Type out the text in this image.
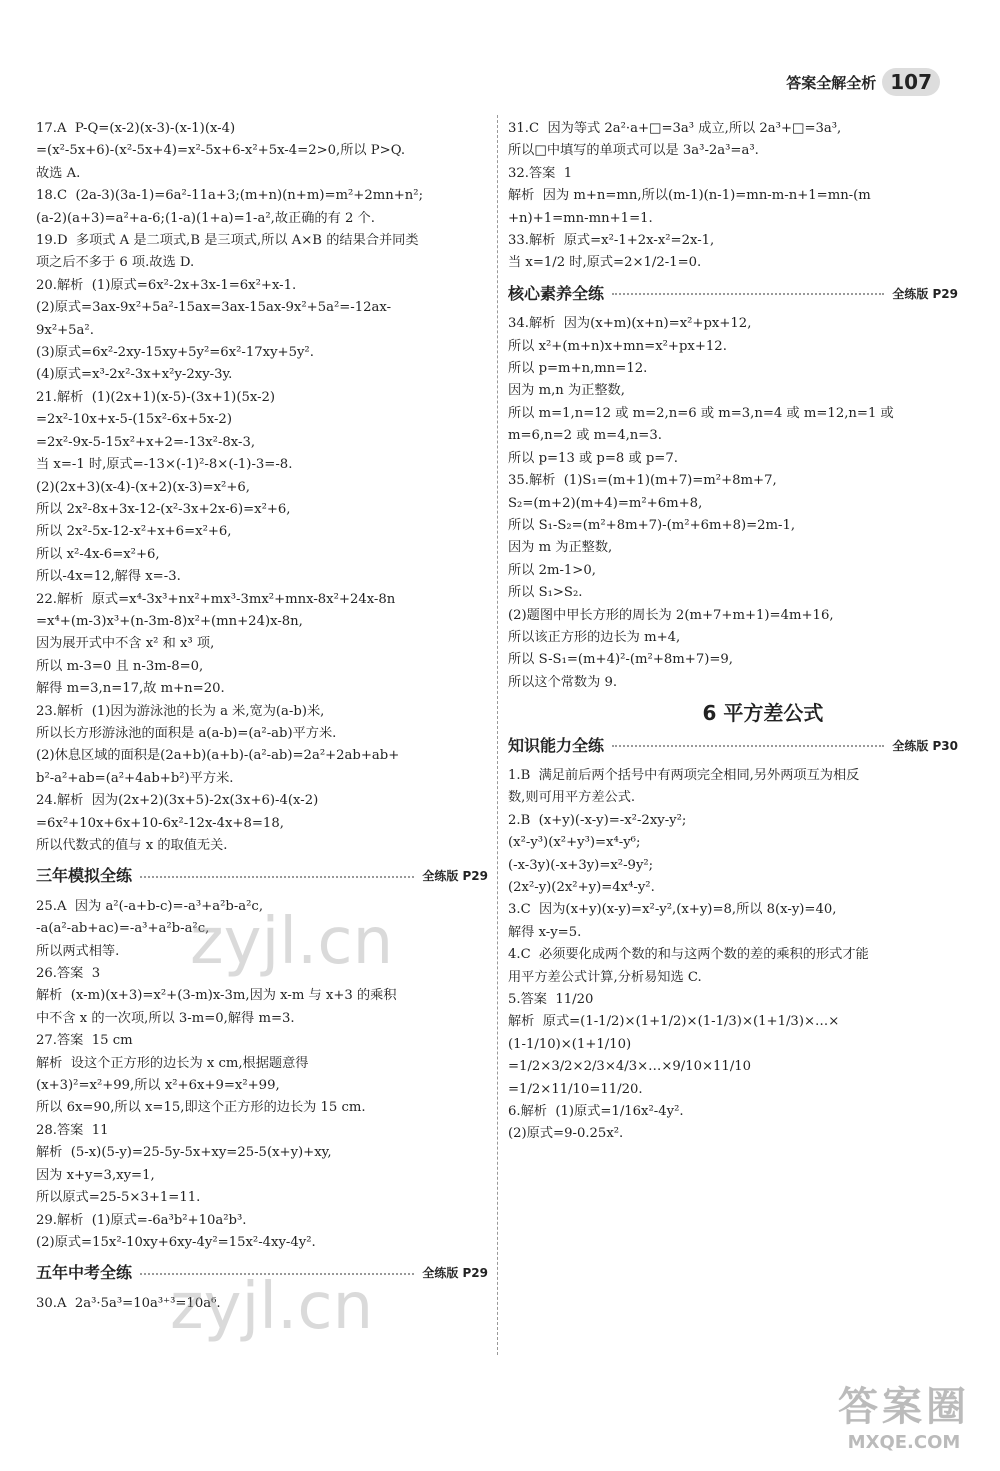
答案全解全析 107
17.A  P-Q=(x-2)(x-3)-(x-1)(x-4)
=(x²-5x+6)-(x²-5x+4)=x²-5x+6-x²+5x-4=2>0,所以 P>Q.
故选 A.
18.C  (2a-3)(3a-1)=6a²-11a+3;(m+n)(n+m)=m²+2mn+n²;
(a-2)(a+3)=a²+a-6;(1-a)(1+a)=1-a²,故正确的有 2 个.
19.D  多项式 A 是二项式,B 是三项式,所以 A×B 的结果合并同类
项之后不多于 6 项.故选 D.
20.解析  (1)原式=6x²-2x+3x-1=6x²+x-1.
(2)原式=3ax-9x²+5a²-15ax=3ax-15ax-9x²+5a²=-12ax-
9x²+5a².
(3)原式=6x²-2xy-15xy+5y²=6x²-17xy+5y².
(4)原式=x³-2x²-3x+x²y-2xy-3y.
21.解析  (1)(2x+1)(x-5)-(3x+1)(5x-2)
=2x²-10x+x-5-(15x²-6x+5x-2)
=2x²-9x-5-15x²+x+2=-13x²-8x-3,
当 x=-1 时,原式=-13×(-1)²-8×(-1)-3=-8.
(2)(2x+3)(x-4)-(x+2)(x-3)=x²+6,
所以 2x²-8x+3x-12-(x²-3x+2x-6)=x²+6,
所以 2x²-5x-12-x²+x+6=x²+6,
所以 x²-4x-6=x²+6,
所以-4x=12,解得 x=-3.
22.解析  原式=x⁴-3x³+nx²+mx³-3mx²+mnx-8x²+24x-8n
=x⁴+(m-3)x³+(n-3m-8)x²+(mn+24)x-8n,
因为展开式中不含 x² 和 x³ 项,
所以 m-3=0 且 n-3m-8=0,
解得 m=3,n=17,故 m+n=20.
23.解析  (1)因为游泳池的长为 a 米,宽为(a-b)米,
所以长方形游泳池的面积是 a(a-b)=(a²-ab)平方米.
(2)休息区域的面积是(2a+b)(a+b)-(a²-ab)=2a²+2ab+ab+
b²-a²+ab=(a²+4ab+b²)平方米.
24.解析  因为(2x+2)(3x+5)-2x(3x+6)-4(x-2)
=6x²+10x+6x+10-6x²-12x-4x+8=18,
所以代数式的值与 x 的取值无关.
三年模拟全练	全练版 P29
25.A  因为 a²(-a+b-c)=-a³+a²b-a²c,
-a(a²-ab+ac)=-a³+a²b-a²c,
所以两式相等.
26.答案  3
解析  (x-m)(x+3)=x²+(3-m)x-3m,因为 x-m 与 x+3 的乘积
中不含 x 的一次项,所以 3-m=0,解得 m=3.
27.答案  15 cm
解析  设这个正方形的边长为 x cm,根据题意得
(x+3)²=x²+99,所以 x²+6x+9=x²+99,
所以 6x=90,所以 x=15,即这个正方形的边长为 15 cm.
28.答案  11
解析  (5-x)(5-y)=25-5y-5x+xy=25-5(x+y)+xy,
因为 x+y=3,xy=1,
所以原式=25-5×3+1=11.
29.解析  (1)原式=-6a³b²+10a²b³.
(2)原式=15x²-10xy+6xy-4y²=15x²-4xy-4y².
五年中考全练	全练版 P29
30.A  2a³·5a³=10a³⁺³=10a⁶.
31.C  因为等式 2a²·a+□=3a³ 成立,所以 2a³+□=3a³,
所以□中填写的单项式可以是 3a³-2a³=a³.
32.答案  1
解析  因为 m+n=mn,所以(m-1)(n-1)=mn-m-n+1=mn-(m
+n)+1=mn-mn+1=1.
33.解析  原式=x²-1+2x-x²=2x-1,
当 x=1/2 时,原式=2×1/2-1=0.
核心素养全练	全练版 P29
34.解析  因为(x+m)(x+n)=x²+px+12,
所以 x²+(m+n)x+mn=x²+px+12.
所以 p=m+n,mn=12.
因为 m,n 为正整数,
所以 m=1,n=12 或 m=2,n=6 或 m=3,n=4 或 m=12,n=1 或
m=6,n=2 或 m=4,n=3.
所以 p=13 或 p=8 或 p=7.
35.解析  (1)S₁=(m+1)(m+7)=m²+8m+7,
S₂=(m+2)(m+4)=m²+6m+8,
所以 S₁-S₂=(m²+8m+7)-(m²+6m+8)=2m-1,
因为 m 为正整数,
所以 2m-1>0,
所以 S₁>S₂.
(2)题图中甲长方形的周长为 2(m+7+m+1)=4m+16,
所以该正方形的边长为 m+4,
所以 S-S₁=(m+4)²-(m²+8m+7)=9,
所以这个常数为 9.
6 平方差公式
知识能力全练	全练版 P30
1.B  满足前后两个括号中有两项完全相同,另外两项互为相反
数,则可用平方差公式.
2.B  (x+y)(-x-y)=-x²-2xy-y²;
(x²-y³)(x²+y³)=x⁴-y⁶;
(-x-3y)(-x+3y)=x²-9y²;
(2x²-y)(2x²+y)=4x⁴-y².
3.C  因为(x+y)(x-y)=x²-y²,(x+y)=8,所以 8(x-y)=40,
解得 x-y=5.
4.C  必须要化成两个数的和与这两个数的差的乘积的形式才能
用平方差公式计算,分析易知选 C.
5.答案  11/20
解析  原式=(1-1/2)×(1+1/2)×(1-1/3)×(1+1/3)×…×
(1-1/10)×(1+1/10)
=1/2×3/2×2/3×4/3×…×9/10×11/10
=1/2×11/10=11/20.
6.解析  (1)原式=1/16x²-4y².
(2)原式=9-0.25x².
zyjl.cn
zyjl.cn
答案圈
MXQE.COM
